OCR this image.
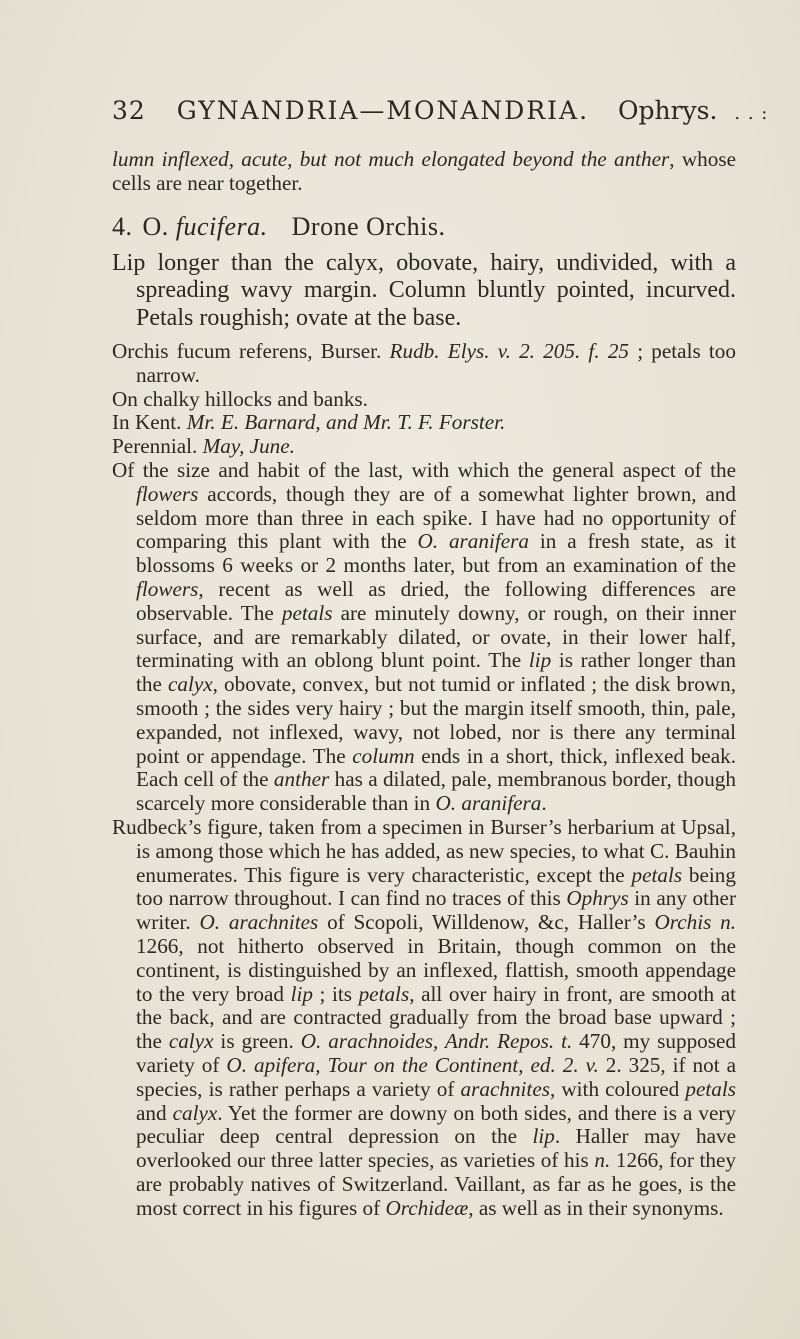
32 GYNANDRIA—MONANDRIA. Ophrys. . . :

lumn inflexed, acute, but not much elongated beyond the anther, whose cells are near together.

4. O. fucifera. Drone Orchis.

Lip longer than the calyx, obovate, hairy, undivided, with a spreading wavy margin. Column bluntly pointed, incurved. Petals roughish; ovate at the base.

Orchis fucum referens, Burser. Rudb. Elys. v. 2. 205. f. 25 ; petals too narrow.

On chalky hillocks and banks.

In Kent. Mr. E. Barnard, and Mr. T. F. Forster.

Perennial. May, June.

Of the size and habit of the last, with which the general aspect of the flowers accords, though they are of a somewhat lighter brown, and seldom more than three in each spike. I have had no opportunity of comparing this plant with the O. aranifera in a fresh state, as it blossoms 6 weeks or 2 months later, but from an examination of the flowers, recent as well as dried, the following differences are observable. The petals are minutely downy, or rough, on their inner surface, and are remarkably dilated, or ovate, in their lower half, terminating with an oblong blunt point. The lip is rather longer than the calyx, obovate, convex, but not tumid or inflated ; the disk brown, smooth ; the sides very hairy ; but the margin itself smooth, thin, pale, expanded, not inflexed, wavy, not lobed, nor is there any terminal point or appendage. The column ends in a short, thick, inflexed beak. Each cell of the anther has a dilated, pale, membranous border, though scarcely more considerable than in O. aranifera.

Rudbeck’s figure, taken from a specimen in Burser’s herbarium at Upsal, is among those which he has added, as new species, to what C. Bauhin enumerates. This figure is very characteristic, except the petals being too narrow throughout. I can find no traces of this Ophrys in any other writer. O. arachnites of Scopoli, Willdenow, &c, Haller’s Orchis n. 1266, not hitherto observed in Britain, though common on the continent, is distinguished by an inflexed, flattish, smooth appendage to the very broad lip ; its petals, all over hairy in front, are smooth at the back, and are contracted gradually from the broad base upward ; the calyx is green. O. arachnoides, Andr. Repos. t. 470, my supposed variety of O. apifera, Tour on the Continent, ed. 2. v. 2. 325, if not a species, is rather perhaps a variety of arachnites, with coloured petals and calyx. Yet the former are downy on both sides, and there is a very peculiar deep central depression on the lip. Haller may have overlooked our three latter species, as varieties of his n. 1266, for they are probably natives of Switzerland. Vaillant, as far as he goes, is the most correct in his figures of Orchideæ, as well as in their synonyms.
